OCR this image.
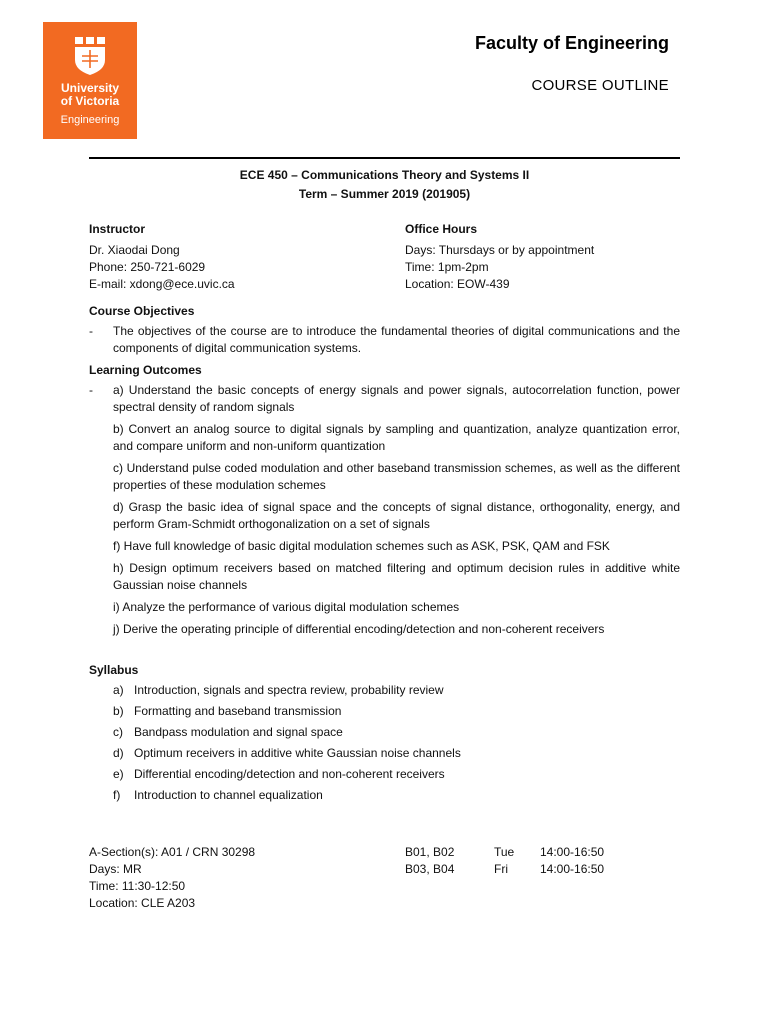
University
of Victoria
Engineering
Faculty of Engineering
COURSE OUTLINE
ECE 450 – Communications Theory and Systems II
Term – Summer 2019 (201905)
Instructor
Dr. Xiaodai Dong
Phone: 250-721-6029
E-mail: xdong@ece.uvic.ca
Office Hours
Days: Thursdays or by appointment
Time: 1pm-2pm
Location: EOW-439
Course Objectives
-	The objectives of the course are to introduce the fundamental theories of digital communications and the components of digital communication systems.
Learning Outcomes
-	a) Understand the basic concepts of energy signals and power signals, autocorrelation function, power spectral density of random signals
b) Convert an analog source to digital signals by sampling and quantization, analyze quantization error, and compare uniform and non-uniform quantization
c) Understand pulse coded modulation and other baseband transmission schemes, as well as the different properties of these modulation schemes
d) Grasp the basic idea of signal space and the concepts of signal distance, orthogonality, energy, and perform Gram-Schmidt orthogonalization on a set of signals
f) Have full knowledge of basic digital modulation schemes such as ASK, PSK, QAM and FSK
h) Design optimum receivers based on matched filtering and optimum decision rules in additive white Gaussian noise channels
i) Analyze the performance of various digital modulation schemes
j) Derive the operating principle of differential encoding/detection and non-coherent receivers
Syllabus
a) Introduction, signals and spectra review, probability review
b) Formatting and baseband transmission
c) Bandpass modulation and signal space
d) Optimum receivers in additive white Gaussian noise channels
e) Differential encoding/detection and non-coherent receivers
f)	Introduction to channel equalization
A-Section(s): A01 / CRN 30298	B01, B02	Tue	14:00-16:50
Days: MR	B03, B04	Fri	14:00-16:50
Time: 11:30-12:50
Location: CLE A203
